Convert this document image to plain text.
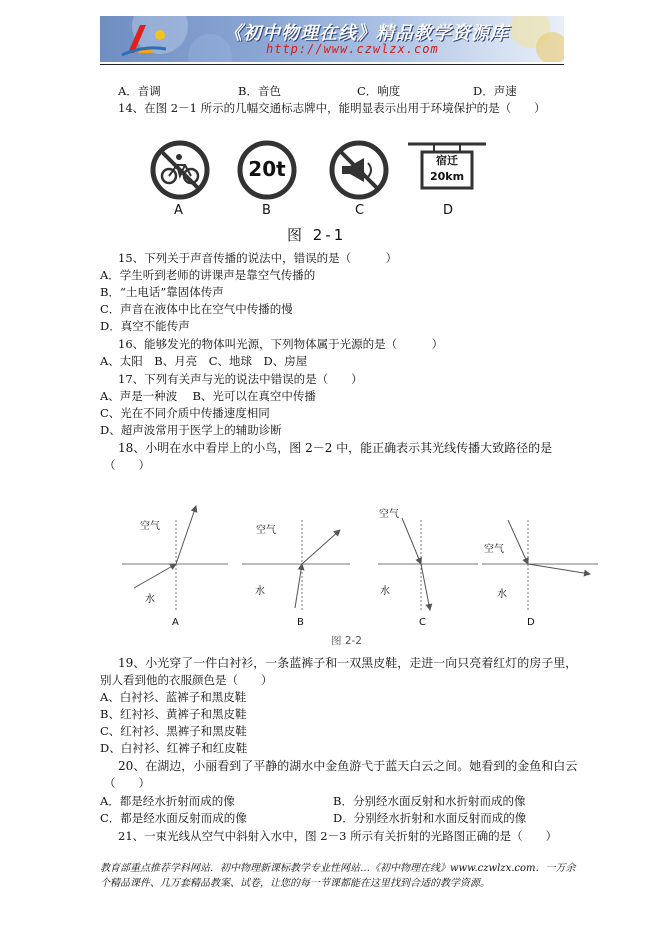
《初中物理在线》精品教学资源库
http://www.czwlzx.com
A．音调	B．音色	C．响度	D．声速
14、在图 2－1 所示的几幅交通标志牌中，能明显表示出用于环境保护的是（　　）
20t	宿迁
20km
A	B	C	D
图 2-1
15、下列关于声音传播的说法中，错误的是（　　　）
A．学生听到老师的讲课声是靠空气传播的
B．“土电话”靠固体传声
C．声音在液体中比在空气中传播的慢
D．真空不能传声
16、能够发光的物体叫光源，下列物体属于光源的是（　　　）
A、太阳　B、月亮　C、地球　D、房屋
17、下列有关声与光的说法中错误的是（　　）
A、声是一种波　 B、光可以在真空中传播
C、光在不同介质中传播速度相同
D、超声波常用于医学上的辅助诊断
18、小明在水中看岸上的小鸟，图 2－2 中，能正确表示其光线传播大致路径的是
（　　）
空气
水
空气
水
空气
水
空气
水
A	B	C	D
图 2-2
19、小光穿了一件白衬衫，一条蓝裤子和一双黑皮鞋，走进一向只亮着红灯的房子里，
别人看到他的衣服颜色是（　　）
A、白衬衫、蓝裤子和黑皮鞋
B、红衬衫、黄裤子和黑皮鞋
C、红衬衫、黑裤子和黑皮鞋
D、白衬衫、红裤子和红皮鞋
20、在湖边，小丽看到了平静的湖水中金鱼游弋于蓝天白云之间。她看到的金鱼和白云
（　　）
A．都是经水折射而成的像	B．分别经水面反射和水折射而成的像
C．都是经水面反射而成的像	D．分别经水折射和水面反射而成的像
21、一束光线从空气中斜射入水中，图 2－3 所示有关折射的光路图正确的是（　　）
教育部重点推荐学科网站．初中物理新课标教学专业性网站…《初中物理在线》www.czwlzx.com．一万余
个精品课件、几万套精品教案、试卷，让您的每一节课都能在这里找到合适的教学资源。
